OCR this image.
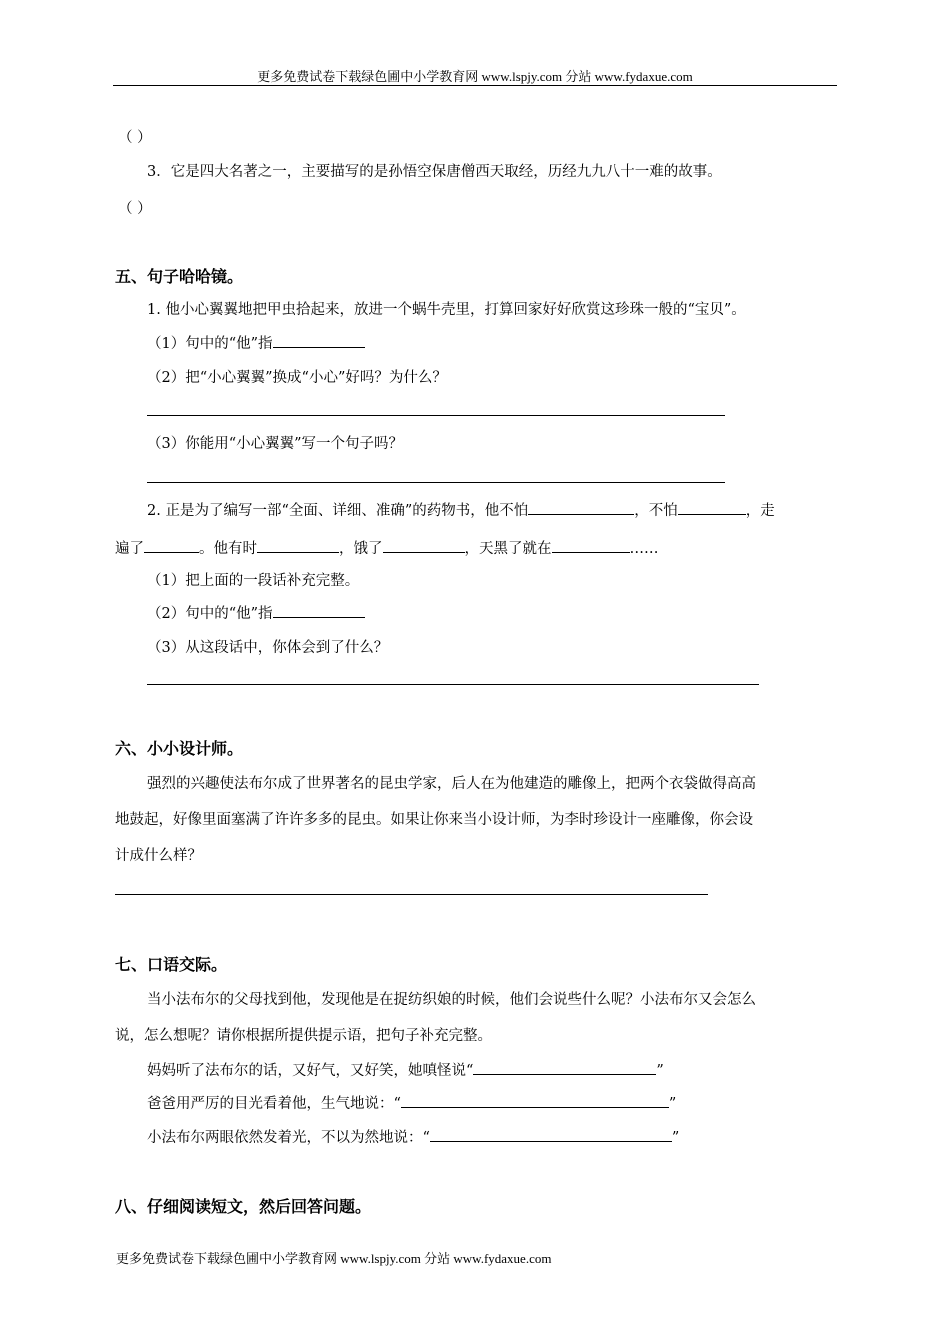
更多免费试卷下载绿色圃中小学教育网 www.lspjy.com 分站 www.fydaxue.com
（ ）
3．它是四大名著之一，主要描写的是孙悟空保唐僧西天取经，历经九九八十一难的故事。
（ ）
五、句子哈哈镜。
1. 他小心翼翼地把甲虫拾起来，放进一个蜗牛壳里，打算回家好好欣赏这珍珠一般的“宝贝”。
（1）句中的“他”指
（2）把“小心翼翼”换成“小心”好吗？为什么？
（3）你能用“小心翼翼”写一个句子吗？
2. 正是为了编写一部“全面、详细、准确”的药物书，他不怕	，不怕	，走
遍了	。他有时	，饿了	，天黑了就在	……
（1）把上面的一段话补充完整。
（2）句中的“他”指
（3）从这段话中，你体会到了什么？
六、小小设计师。
强烈的兴趣使法布尔成了世界著名的昆虫学家，后人在为他建造的雕像上，把两个衣袋做得高高
地鼓起，好像里面塞满了许许多多的昆虫。如果让你来当小设计师，为李时珍设计一座雕像，你会设
计成什么样？
七、口语交际。
当小法布尔的父母找到他，发现他是在捉纺织娘的时候，他们会说些什么呢？小法布尔又会怎么
说，怎么想呢？请你根据所提供提示语，把句子补充完整。
妈妈听了法布尔的话，又好气，又好笑，她嗔怪说“	”
爸爸用严厉的目光看着他，生气地说：“	”
小法布尔两眼依然发着光，不以为然地说：“	”
八、仔细阅读短文，然后回答问题。
更多免费试卷下载绿色圃中小学教育网 www.lspjy.com 分站 www.fydaxue.com
